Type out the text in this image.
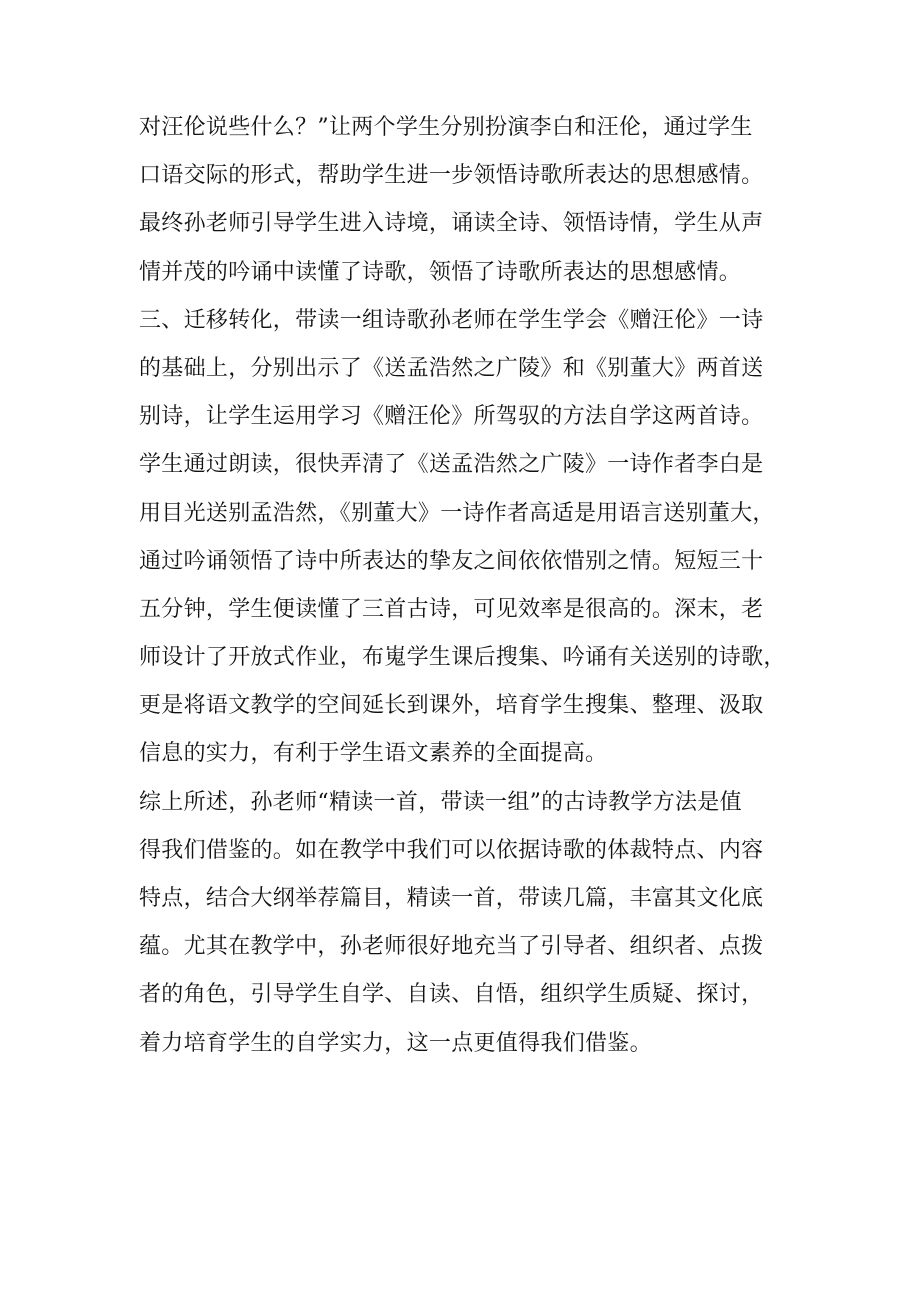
对汪伦说些什么？”让两个学生分别扮演李白和汪伦，通过学生
口语交际的形式，帮助学生进一步领悟诗歌所表达的思想感情。
最终孙老师引导学生进入诗境，诵读全诗、领悟诗情，学生从声
情并茂的吟诵中读懂了诗歌，领悟了诗歌所表达的思想感情。
三、迁移转化，带读一组诗歌孙老师在学生学会《赠汪伦》一诗
的基础上，分别出示了《送孟浩然之广陵》和《别董大》两首送
别诗，让学生运用学习《赠汪伦》所驾驭的方法自学这两首诗。
学生通过朗读，很快弄清了《送孟浩然之广陵》一诗作者李白是
用目光送别孟浩然，《别董大》一诗作者高适是用语言送别董大，
通过吟诵领悟了诗中所表达的挚友之间依依惜别之情。短短三十
五分钟，学生便读懂了三首古诗，可见效率是很高的。深末，老
师设计了开放式作业，布嵬学生课后搜集、吟诵有关送别的诗歌，
更是将语文教学的空间延长到课外，培育学生搜集、整理、汲取
信息的实力，有利于学生语文素养的全面提高。
综上所述，孙老师“精读一首，带读一组”的古诗教学方法是值
得我们借鉴的。如在教学中我们可以依据诗歌的体裁特点、内容
特点，结合大纲举荐篇目，精读一首，带读几篇，丰富其文化底
蕴。尤其在教学中，孙老师很好地充当了引导者、组织者、点拨
者的角色，引导学生自学、自读、自悟，组织学生质疑、探讨，
着力培育学生的自学实力，这一点更值得我们借鉴。
